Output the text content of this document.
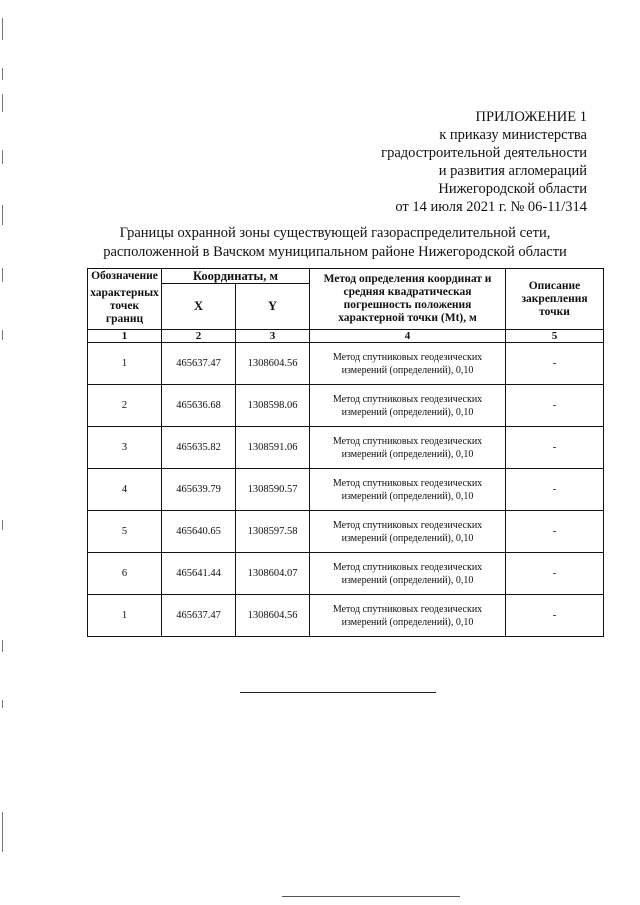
ПРИЛОЖЕНИЕ 1
к приказу министерства
градостроительной деятельности
и развития агломераций
Нижегородской области
от 14 июля 2021 г. № 06-11/314
Границы охранной зоны существующей газораспределительной сети,
расположенной в Вачском муниципальном районе Нижегородской области
Обозначение	Координаты, м		Метод определения координат и средняя квадратическая погрешность положения характерной точки (Mt), м	Описание закрепления точки
характерных точек границ	X	Y		
1	2	3	4	5
1	465637.47	1308604.56	Метод спутниковых геодезических измерений (определений), 0,10	-
2	465636.68	1308598.06	Метод спутниковых геодезических измерений (определений), 0,10	-
3	465635.82	1308591.06	Метод спутниковых геодезических измерений (определений), 0,10	-
4	465639.79	1308590.57	Метод спутниковых геодезических измерений (определений), 0,10	-
5	465640.65	1308597.58	Метод спутниковых геодезических измерений (определений), 0,10	-
6	465641.44	1308604.07	Метод спутниковых геодезических измерений (определений), 0,10	-
1	465637.47	1308604.56	Метод спутниковых геодезических измерений (определений), 0,10	-
